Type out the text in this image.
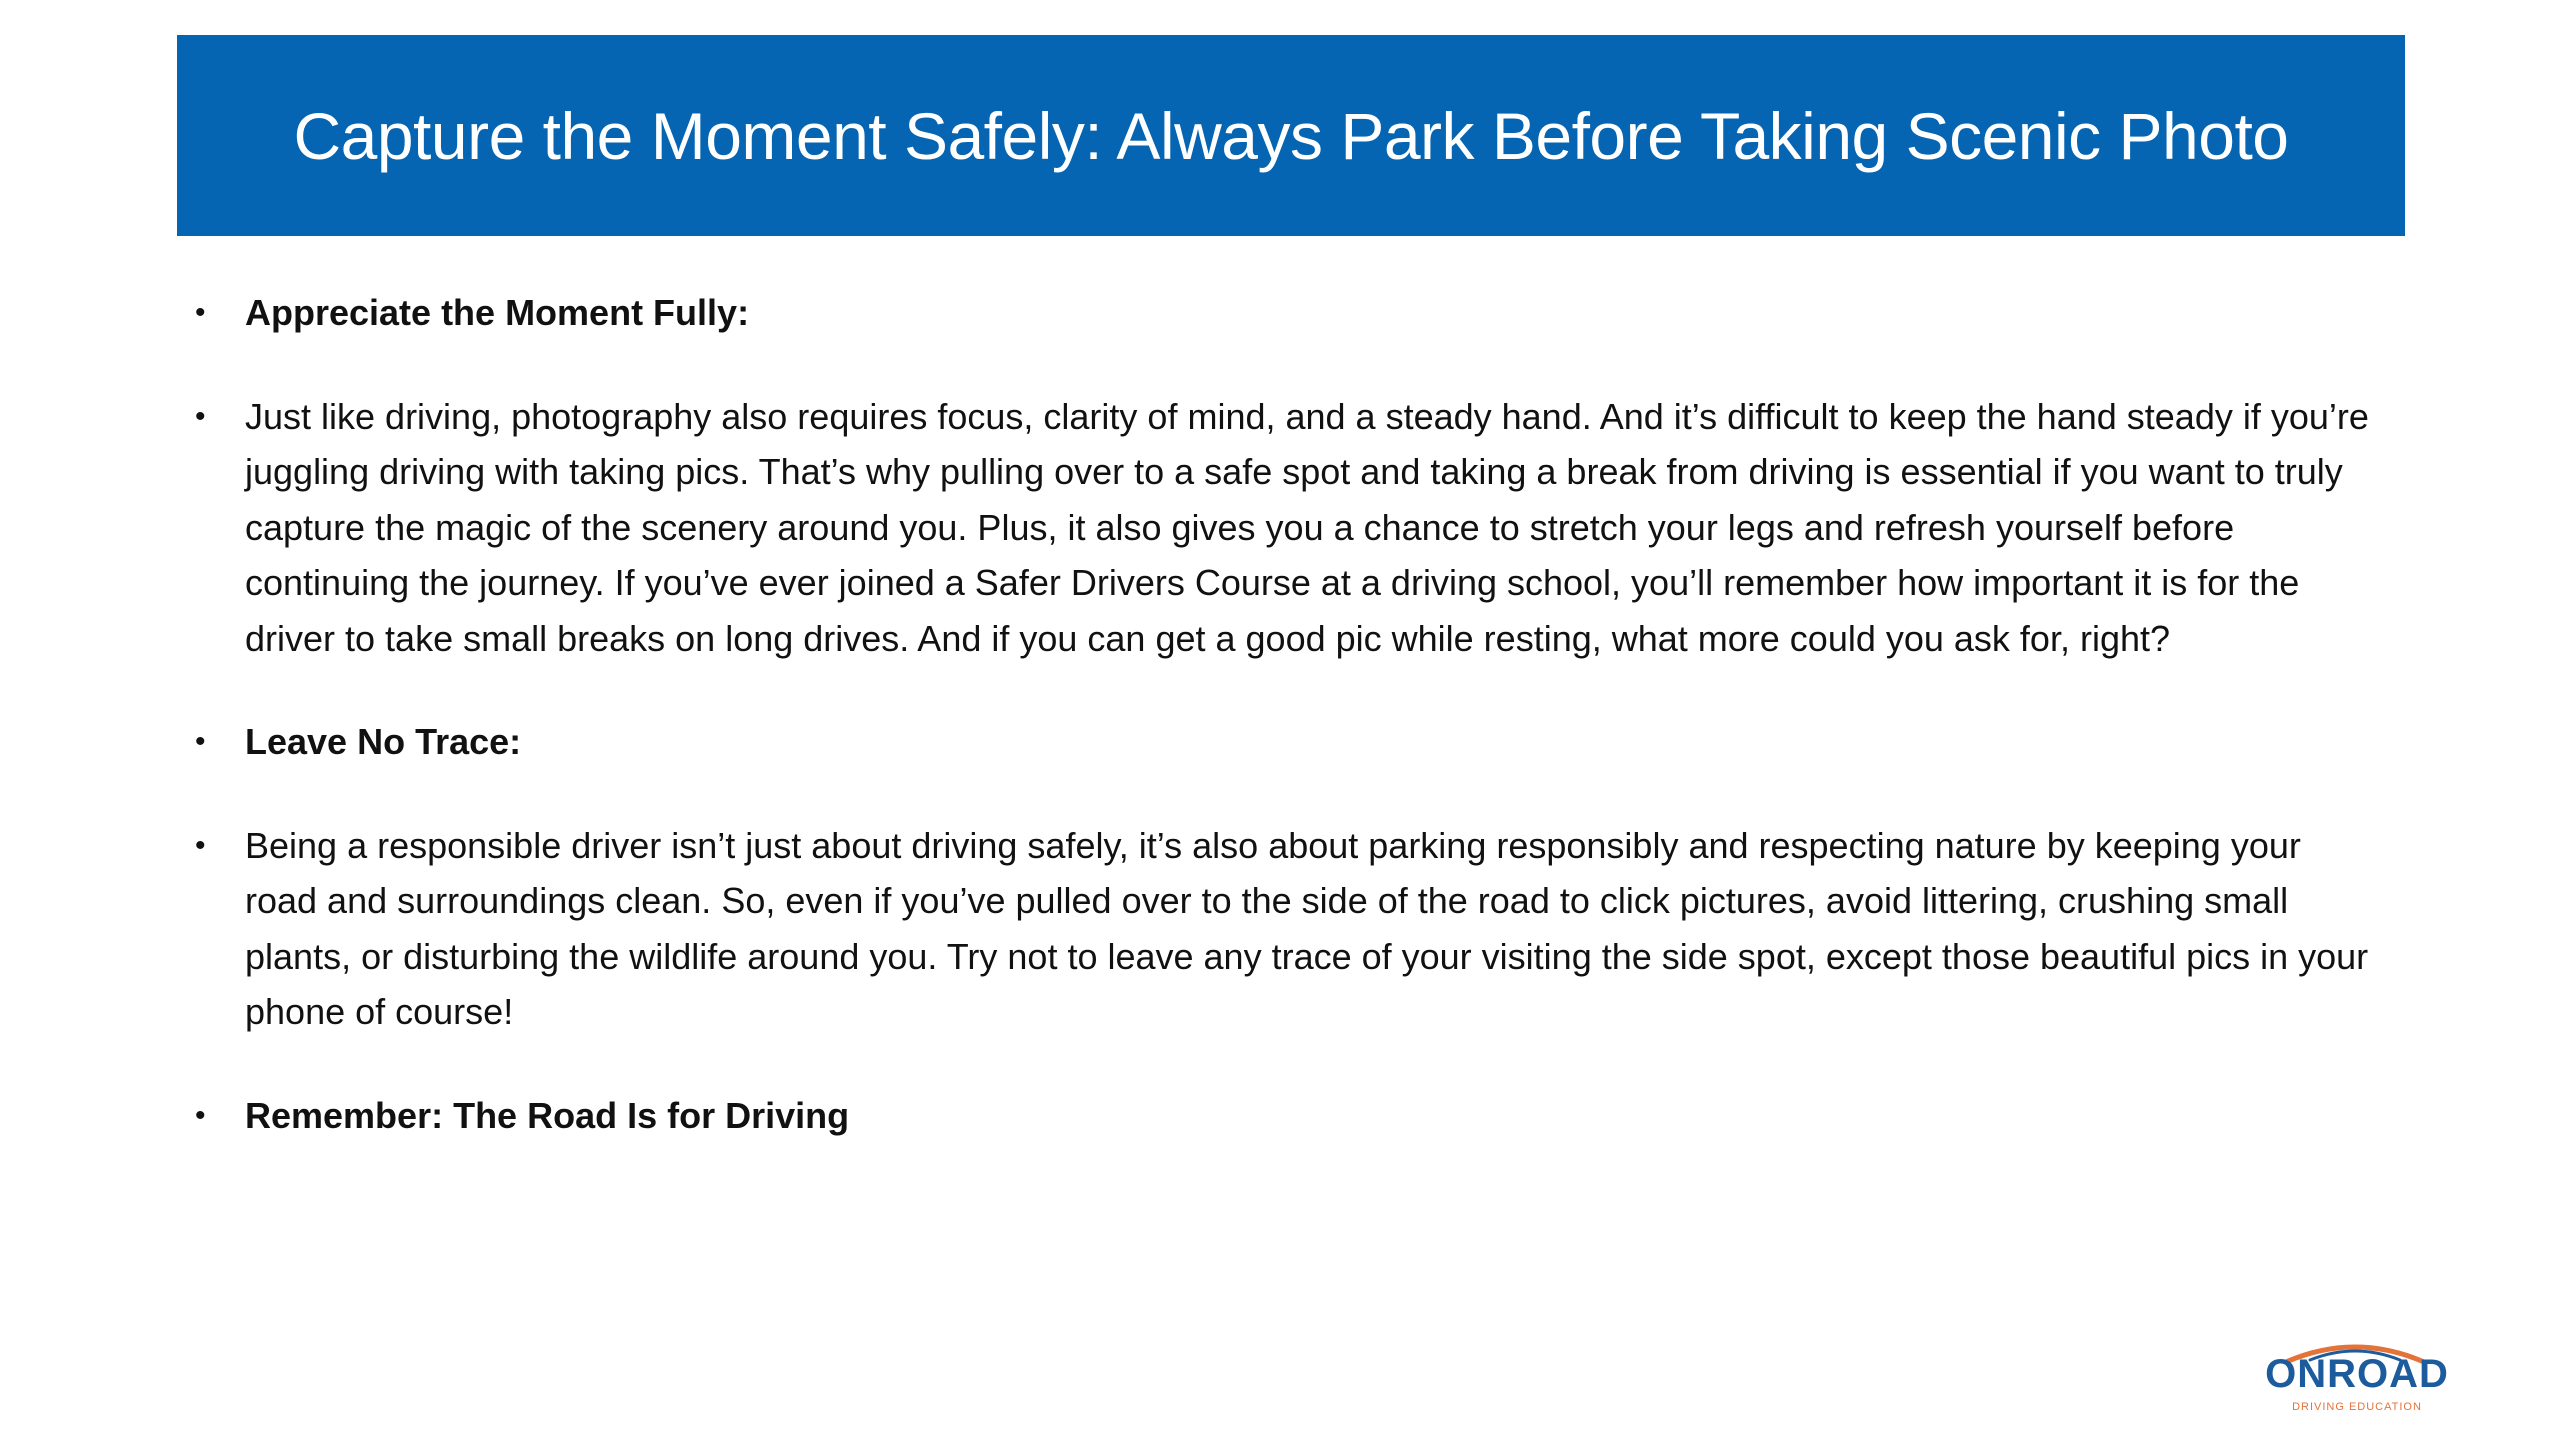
Capture the Moment Safely: Always Park Before Taking Scenic Photo
• Appreciate the Moment Fully:
• Just like driving, photography also requires focus, clarity of mind, and a steady hand. And it’s difficult to keep the hand steady if you’re juggling driving with taking pics. That’s why pulling over to a safe spot and taking a break from driving is essential if you want to truly capture the magic of the scenery around you. Plus, it also gives you a chance to stretch your legs and refresh yourself before continuing the journey. If you’ve ever joined a Safer Drivers Course at a driving school, you’ll remember how important it is for the driver to take small breaks on long drives. And if you can get a good pic while resting, what more could you ask for, right?
• Leave No Trace:
• Being a responsible driver isn’t just about driving safely, it’s also about parking responsibly and respecting nature by keeping your road and surroundings clean. So, even if you’ve pulled over to the side of the road to click pictures, avoid littering, crushing small plants, or disturbing the wildlife around you. Try not to leave any trace of your visiting the side spot, except those beautiful pics in your phone of course!
• Remember: The Road Is for Driving
ONROAD
DRIVING EDUCATION
